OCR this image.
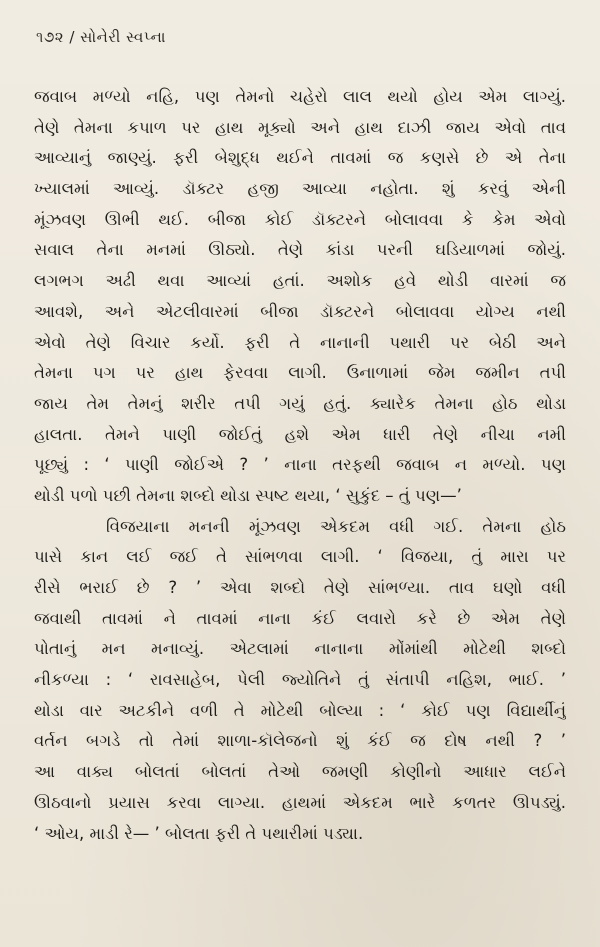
૧૭૨ / સોનેરી સ્વપ્ના
જવાબ મળ્યો નહિ, પણ તેમનો ચહેરો લાલ થયો હોય એમ લાગ્યું.
તેણે તેમના કપાળ પર હાથ મૂક્યો અને હાથ દાઝી જાય એવો તાવ
આવ્યાનું જાણ્યું. ફરી બેશુદ્ધ થઈને તાવમાં જ કણસે છે એ તેના
ખ્યાલમાં આવ્યું. ડૉક્ટર હજી આવ્યા નહોતા. શું કરવું એની
મૂંઝવણ ઊભી થઈ. બીજા કોઈ ડૉક્ટરને બોલાવવા કે કેમ એવો
સવાલ તેના મનમાં ઊઠ્યો. તેણે કાંડા પરની ઘડિયાળમાં જોયું.
લગભગ અઢી થવા આવ્યાં હતાં. અશોક હવે થોડી વારમાં જ
આવશે, અને એટલીવારમાં બીજા ડૉક્ટરને બોલાવવા યોગ્ય નથી
એવો તેણે વિચાર કર્યો. ફરી તે નાનાની પથારી પર બેઠી અને
તેમના પગ પર હાથ ફેરવવા લાગી. ઉનાળામાં જેમ જમીન તપી
જાય તેમ તેમનું શરીર તપી ગયું હતું. ક્યારેક તેમના હોઠ થોડા
હાલતા. તેમને પાણી જોઈતું હશે એમ ધારી તેણે નીચા નમી
પૂછ્યું : ‘ પાણી જોઈએ ? ’ નાના તરફથી જવાબ ન મળ્યો. પણ
થોડી પળો પછી તેમના શબ્દો થોડા સ્પષ્ટ થયા, ‘ સુકુંદ – તું પણ—’
વિજયાના મનની મૂંઝવણ એકદમ વધી ગઈ. તેમના હોઠ
પાસે કાન લઈ જઈ તે સાંભળવા લાગી. ‘ વિજયા, તું મારા પર
રીસે ભરાઈ છે ? ’ એવા શબ્દો તેણે સાંભળ્યા. તાવ ઘણો વધી
જવાથી તાવમાં ને તાવમાં નાના કંઈ લવારો કરે છે એમ તેણે
પોતાનું મન મનાવ્યું. એટલામાં નાનાના મોંમાંથી મોટેથી શબ્દો
નીકળ્યા : ‘ રાવસાહેબ, પેલી જ્યોતિને તું સંતાપી નહિશ, ભાઈ. ’
થોડા વાર અટકીને વળી તે મોટેથી બોલ્યા : ‘ કોઈ પણ વિદ્યાર્થીનું
વર્તન બગડે તો તેમાં શાળા-કૉલેજનો શું કંઈ જ દોષ નથી ? ’
આ વાક્ય બોલતાં બોલતાં તેઓ જમણી કોણીનો આધાર લઈને
ઊઠવાનો પ્રયાસ કરવા લાગ્યા. હાથમાં એકદમ ભારે કળતર ઊપડ્યું.
‘ ઓય, માડી રે— ’ બોલતા ફરી તે પથારીમાં પડ્યા.
